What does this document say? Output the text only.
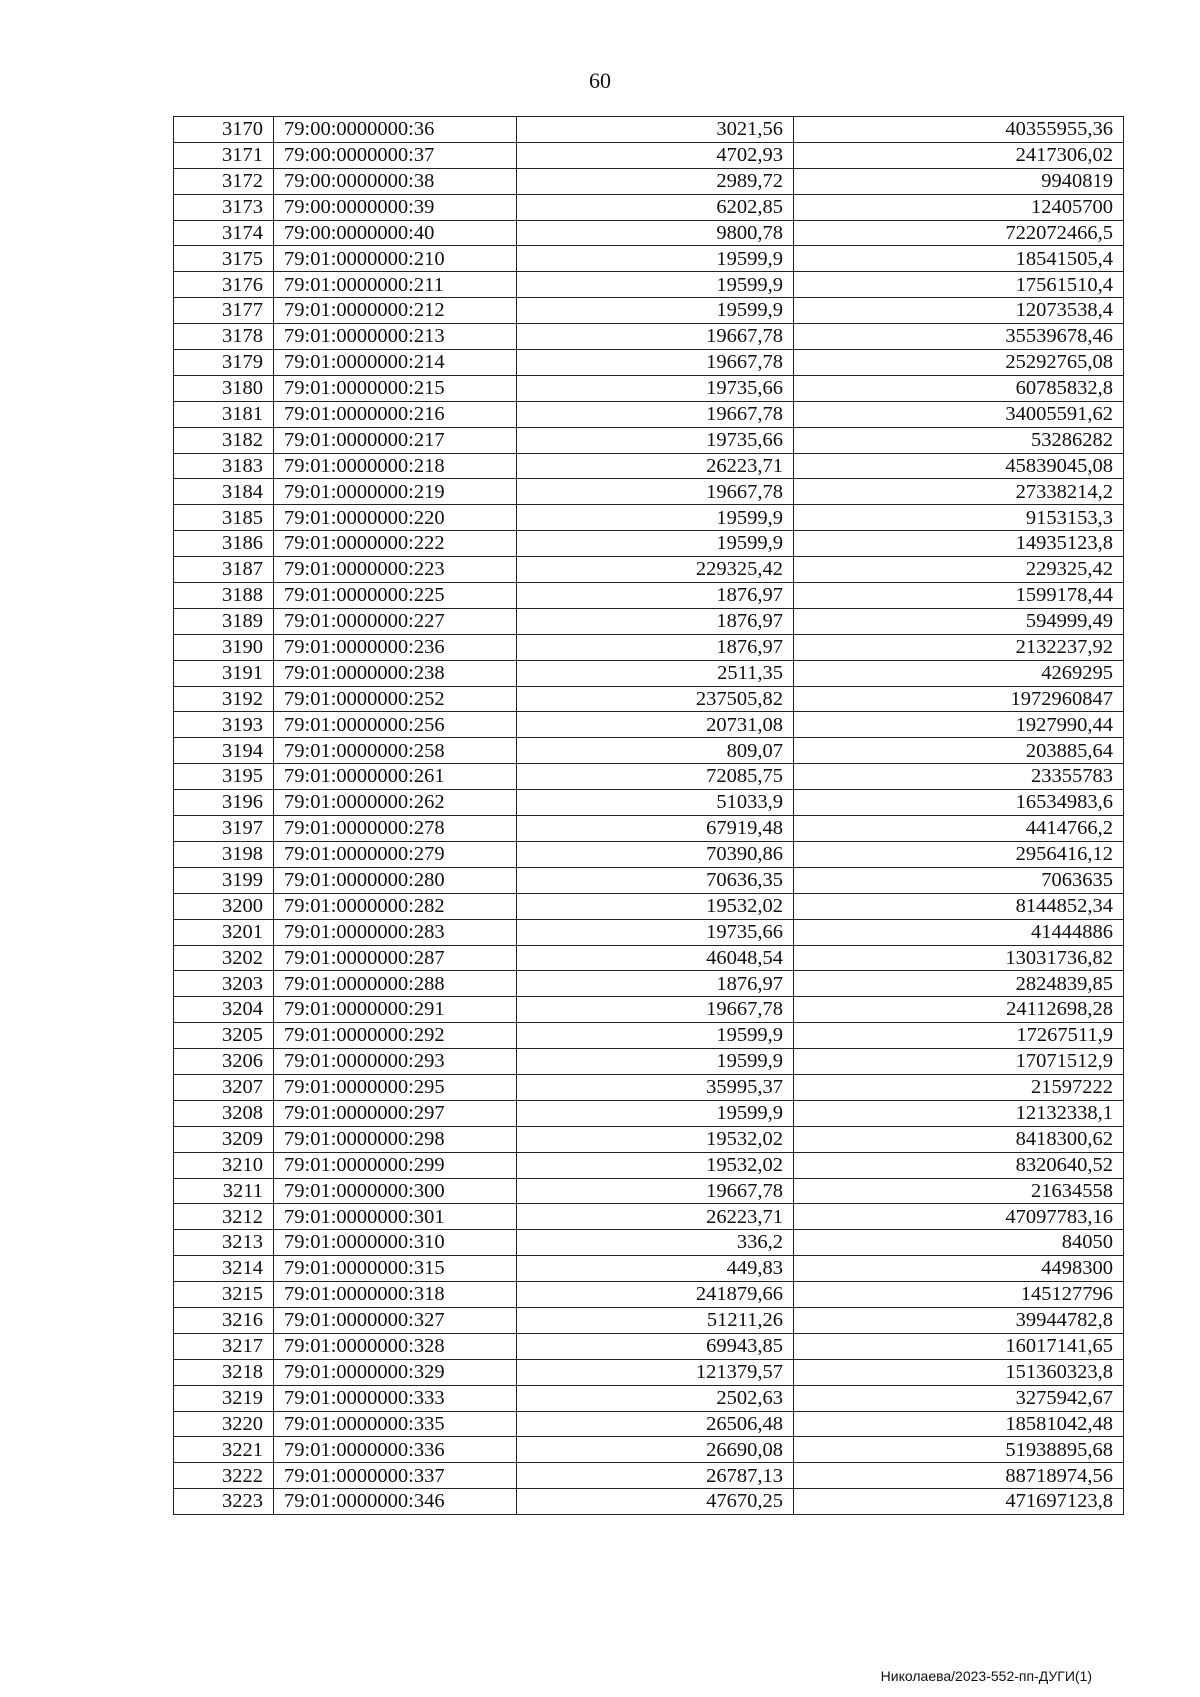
60
3170	79:00:0000000:36	3021,56	40355955,36
3171	79:00:0000000:37	4702,93	2417306,02
3172	79:00:0000000:38	2989,72	9940819
3173	79:00:0000000:39	6202,85	12405700
3174	79:00:0000000:40	9800,78	722072466,5
3175	79:01:0000000:210	19599,9	18541505,4
3176	79:01:0000000:211	19599,9	17561510,4
3177	79:01:0000000:212	19599,9	12073538,4
3178	79:01:0000000:213	19667,78	35539678,46
3179	79:01:0000000:214	19667,78	25292765,08
3180	79:01:0000000:215	19735,66	60785832,8
3181	79:01:0000000:216	19667,78	34005591,62
3182	79:01:0000000:217	19735,66	53286282
3183	79:01:0000000:218	26223,71	45839045,08
3184	79:01:0000000:219	19667,78	27338214,2
3185	79:01:0000000:220	19599,9	9153153,3
3186	79:01:0000000:222	19599,9	14935123,8
3187	79:01:0000000:223	229325,42	229325,42
3188	79:01:0000000:225	1876,97	1599178,44
3189	79:01:0000000:227	1876,97	594999,49
3190	79:01:0000000:236	1876,97	2132237,92
3191	79:01:0000000:238	2511,35	4269295
3192	79:01:0000000:252	237505,82	1972960847
3193	79:01:0000000:256	20731,08	1927990,44
3194	79:01:0000000:258	809,07	203885,64
3195	79:01:0000000:261	72085,75	23355783
3196	79:01:0000000:262	51033,9	16534983,6
3197	79:01:0000000:278	67919,48	4414766,2
3198	79:01:0000000:279	70390,86	2956416,12
3199	79:01:0000000:280	70636,35	7063635
3200	79:01:0000000:282	19532,02	8144852,34
3201	79:01:0000000:283	19735,66	41444886
3202	79:01:0000000:287	46048,54	13031736,82
3203	79:01:0000000:288	1876,97	2824839,85
3204	79:01:0000000:291	19667,78	24112698,28
3205	79:01:0000000:292	19599,9	17267511,9
3206	79:01:0000000:293	19599,9	17071512,9
3207	79:01:0000000:295	35995,37	21597222
3208	79:01:0000000:297	19599,9	12132338,1
3209	79:01:0000000:298	19532,02	8418300,62
3210	79:01:0000000:299	19532,02	8320640,52
3211	79:01:0000000:300	19667,78	21634558
3212	79:01:0000000:301	26223,71	47097783,16
3213	79:01:0000000:310	336,2	84050
3214	79:01:0000000:315	449,83	4498300
3215	79:01:0000000:318	241879,66	145127796
3216	79:01:0000000:327	51211,26	39944782,8
3217	79:01:0000000:328	69943,85	16017141,65
3218	79:01:0000000:329	121379,57	151360323,8
3219	79:01:0000000:333	2502,63	3275942,67
3220	79:01:0000000:335	26506,48	18581042,48
3221	79:01:0000000:336	26690,08	51938895,68
3222	79:01:0000000:337	26787,13	88718974,56
3223	79:01:0000000:346	47670,25	471697123,8
Николаева/2023-552-пп-ДУГИ(1)
